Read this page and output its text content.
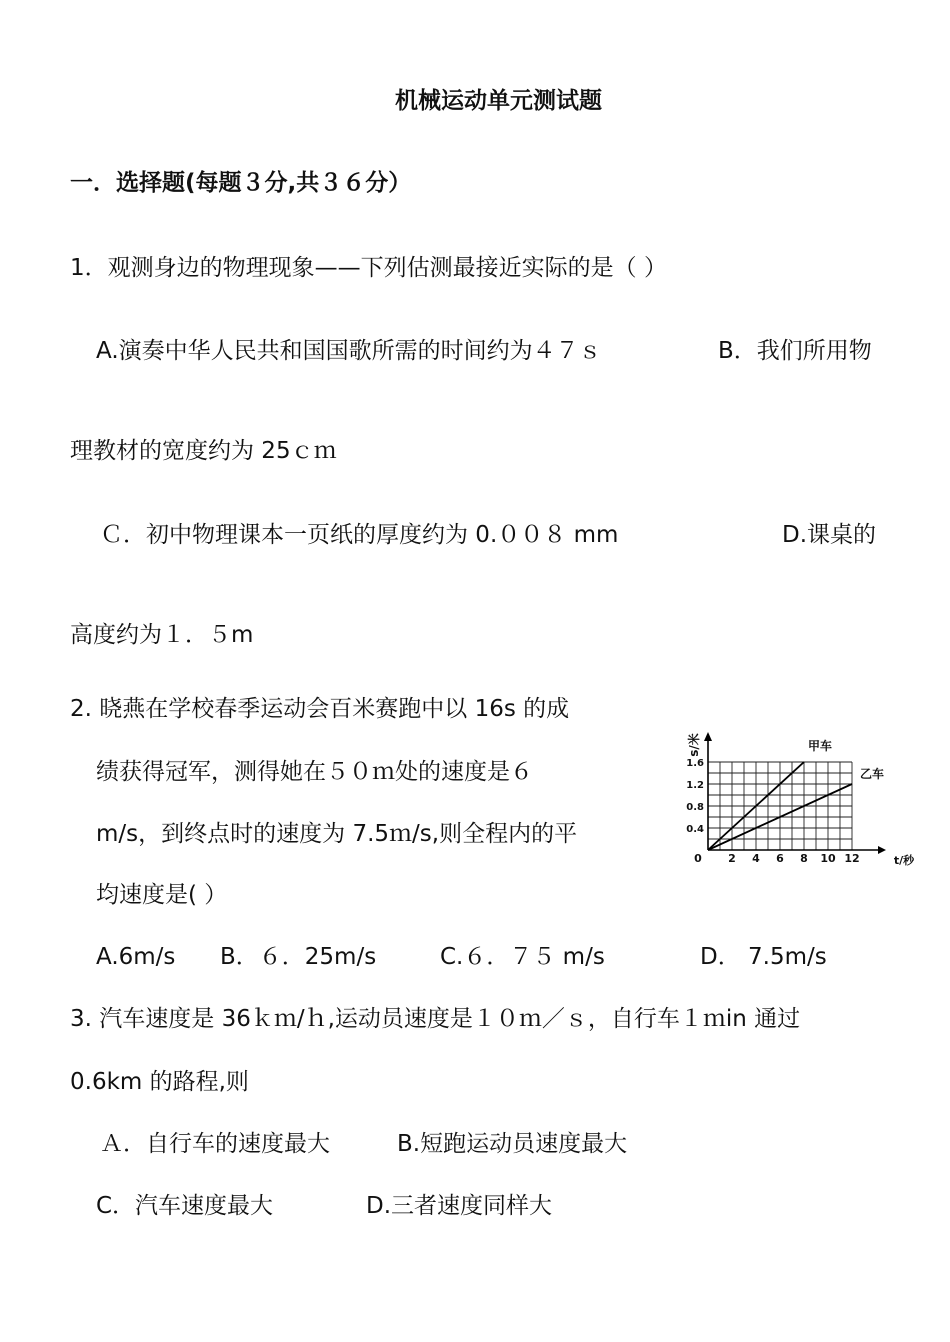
机械运动单元测试题
一．选择题(每题３分,共３６分）
1．观测身边的物理现象——下列估测最接近实际的是（ ）
A.演奏中华人民共和国国歌所需的时间约为４７ｓ	B．我们所用物
理教材的宽度约为 25ｃｍ
Ｃ．初中物理课本一页纸的厚度约为 0.００８ mm	D.课桌的
高度约为１．５m
2. 晓燕在学校春季运动会百米赛跑中以 16s 的成
绩获得冠军，测得她在５０ｍ处的速度是６
m/s，到终点时的速度为 7.5ｍ/s,则全程内的平
均速度是( ）
A.6m/s B．６．25m/s	C.６．７５ m/s	D． 7.5m/s
3. 汽车速度是 36ｋｍ/ｈ,运动员速度是１０ｍ／ｓ，自行车１ｍin 通过
0.6km 的路程,则
Ａ．自行车的速度最大	B.短跑运动员速度最大
C．汽车速度最大	D.三者速度同样大
0 2 4 6 8 10 12
0.4
0.8
1.2
1.6
s/米
t/秒
甲车
乙车
